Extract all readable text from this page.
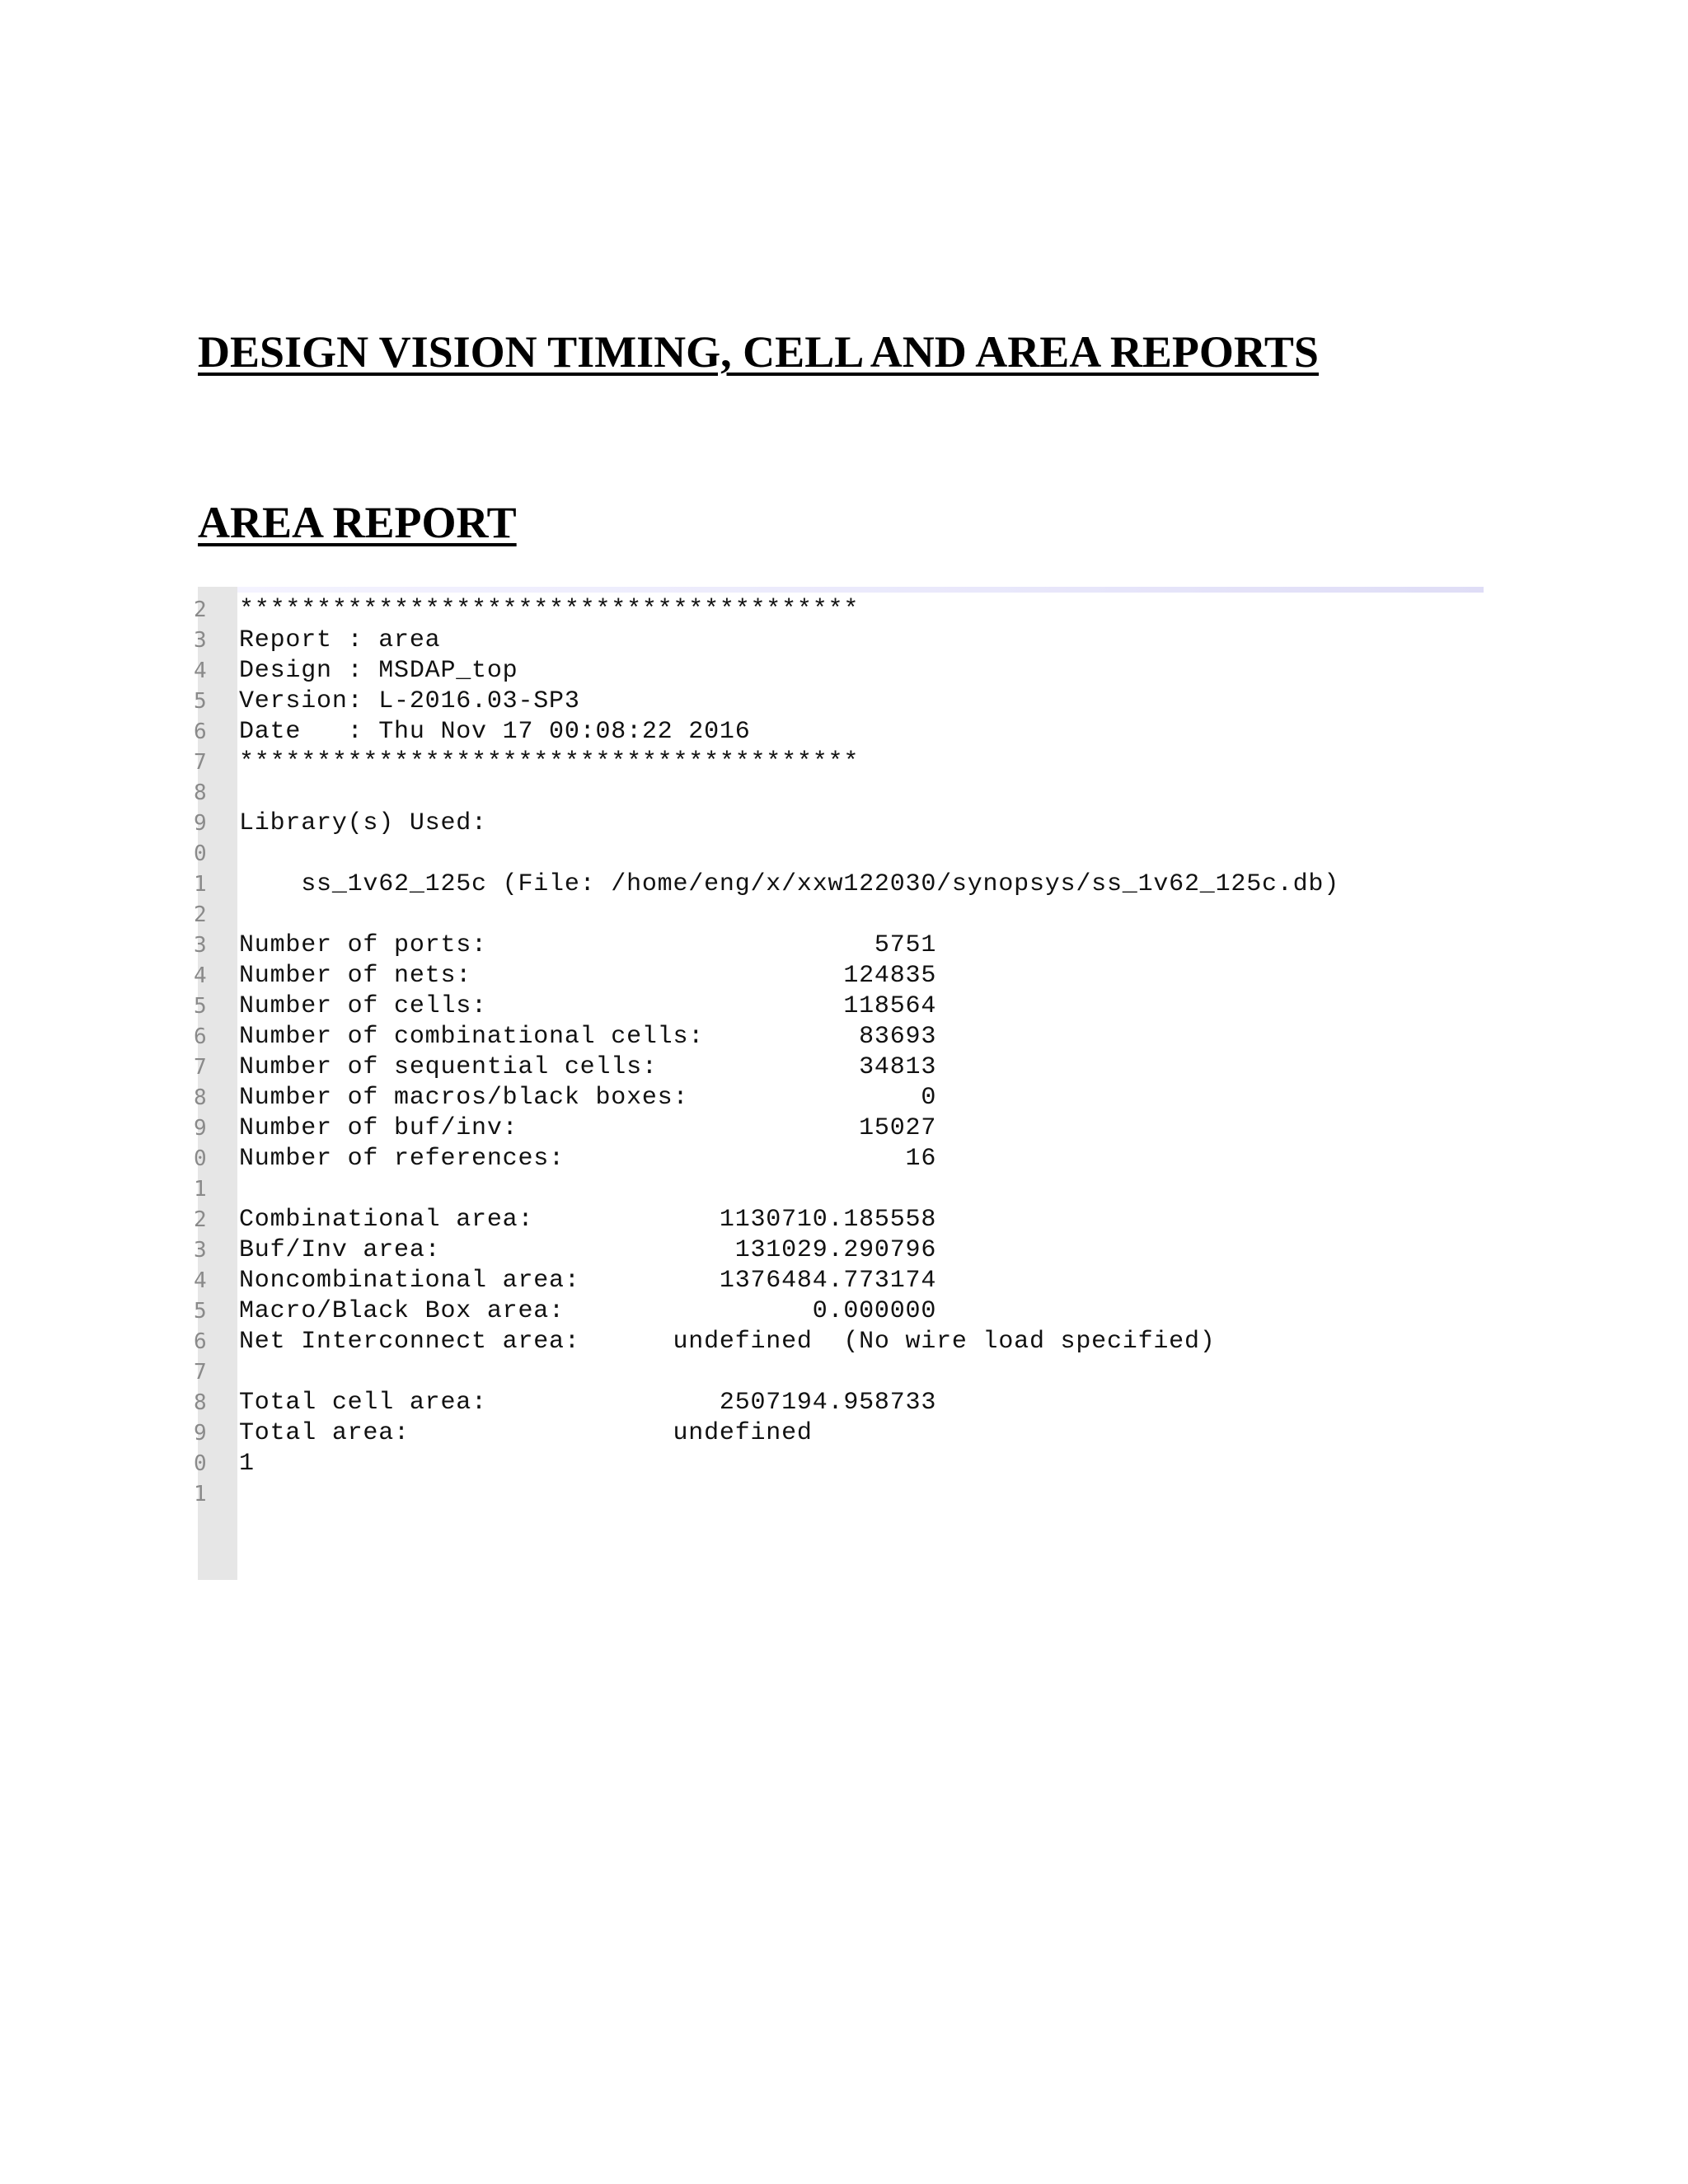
DESIGN VISION TIMING, CELL AND AREA REPORTS
AREA REPORT
2
3
4
5
6
7
8
9
0
1
2
3
4
5
6
7
8
9
0
1
2
3
4
5
6
7
8
9
0
1
****************************************
Report : area
Design : MSDAP_top
Version: L-2016.03-SP3
Date   : Thu Nov 17 00:08:22 2016
****************************************
Library(s) Used:
ss_1v62_125c (File: /home/eng/x/xxw122030/synopsys/ss_1v62_125c.db)
Number of ports:                         5751
Number of nets:                        124835
Number of cells:                       118564
Number of combinational cells:          83693
Number of sequential cells:             34813
Number of macros/black boxes:               0
Number of buf/inv:                      15027
Number of references:                      16
Combinational area:            1130710.185558
Buf/Inv area:                   131029.290796
Noncombinational area:         1376484.773174
Macro/Black Box area:                0.000000
Net Interconnect area:      undefined  (No wire load specified)
Total cell area:               2507194.958733
Total area:                 undefined
1
